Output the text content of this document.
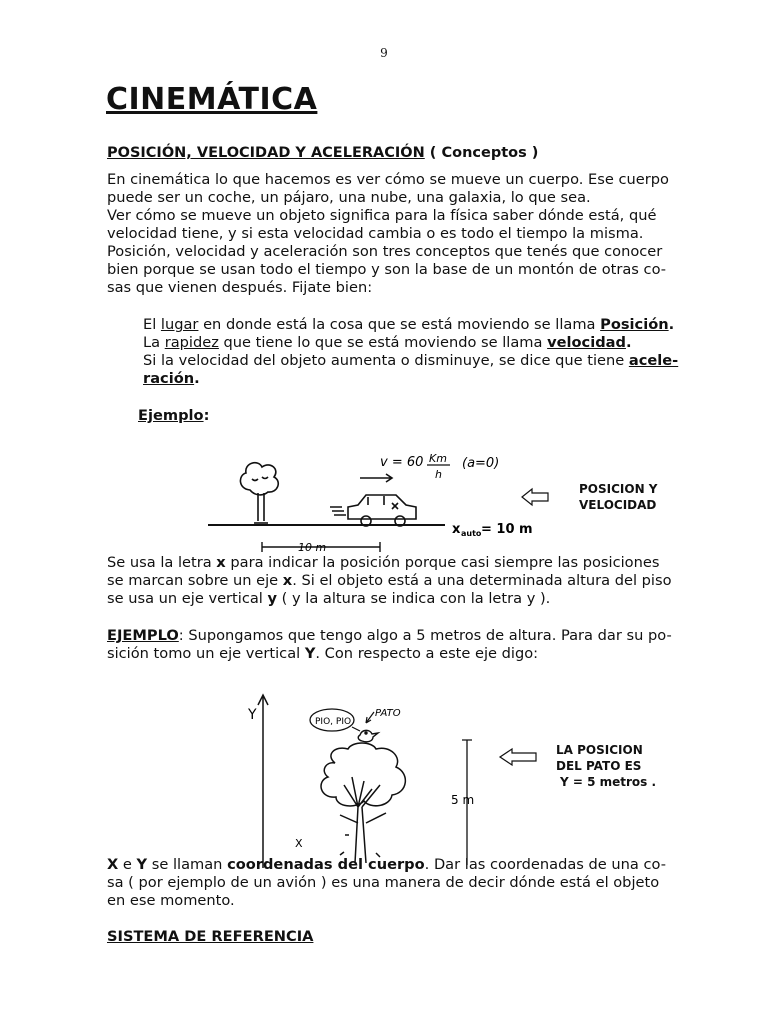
9
CINEMÁTICA
POSICIÓN, VELOCIDAD Y ACELERACIÓN ( Conceptos )
En cinemática lo que hacemos es ver cómo se mueve un cuerpo. Ese cuerpo
puede ser un coche, un pájaro, una nube, una galaxia, lo que sea.
Ver cómo se mueve un objeto significa para la física saber dónde está, qué
velocidad tiene, y si esta velocidad cambia o es todo el tiempo la misma.
Posición, velocidad y aceleración son tres conceptos que tenés que conocer
bien porque se usan todo el tiempo y son la base de un montón de otras co-
sas que vienen después. Fijate bien:
El lugar en donde está la cosa que se está moviendo se llama Posición.
La rapidez que tiene lo que se está moviendo se llama velocidad.
Si la velocidad del objeto aumenta o disminuye, se dice que tiene acele-
ración.
Ejemplo:
v = 60 Km
h
(a=0)
10 m
x auto = 10 m
POSICION Y
VELOCIDAD
Se usa la letra x para indicar la posición porque casi siempre las posiciones
se marcan sobre un eje x. Si el objeto está a una determinada altura del piso
se usa un eje vertical y ( y la altura se indica con la letra y ).
EJEMPLO: Supongamos que tengo algo a 5 metros de altura. Para dar su po-
sición tomo un eje vertical Y. Con respecto a este eje digo:
Y
X
PIO, PIO
PATO
5 m
LA POSICION
DEL PATO ES
Y = 5 metros .
X e Y se llaman coordenadas del cuerpo. Dar las coordenadas de una co-
sa ( por ejemplo de un avión ) es una manera de decir dónde está el objeto
en ese momento.
SISTEMA DE REFERENCIA
